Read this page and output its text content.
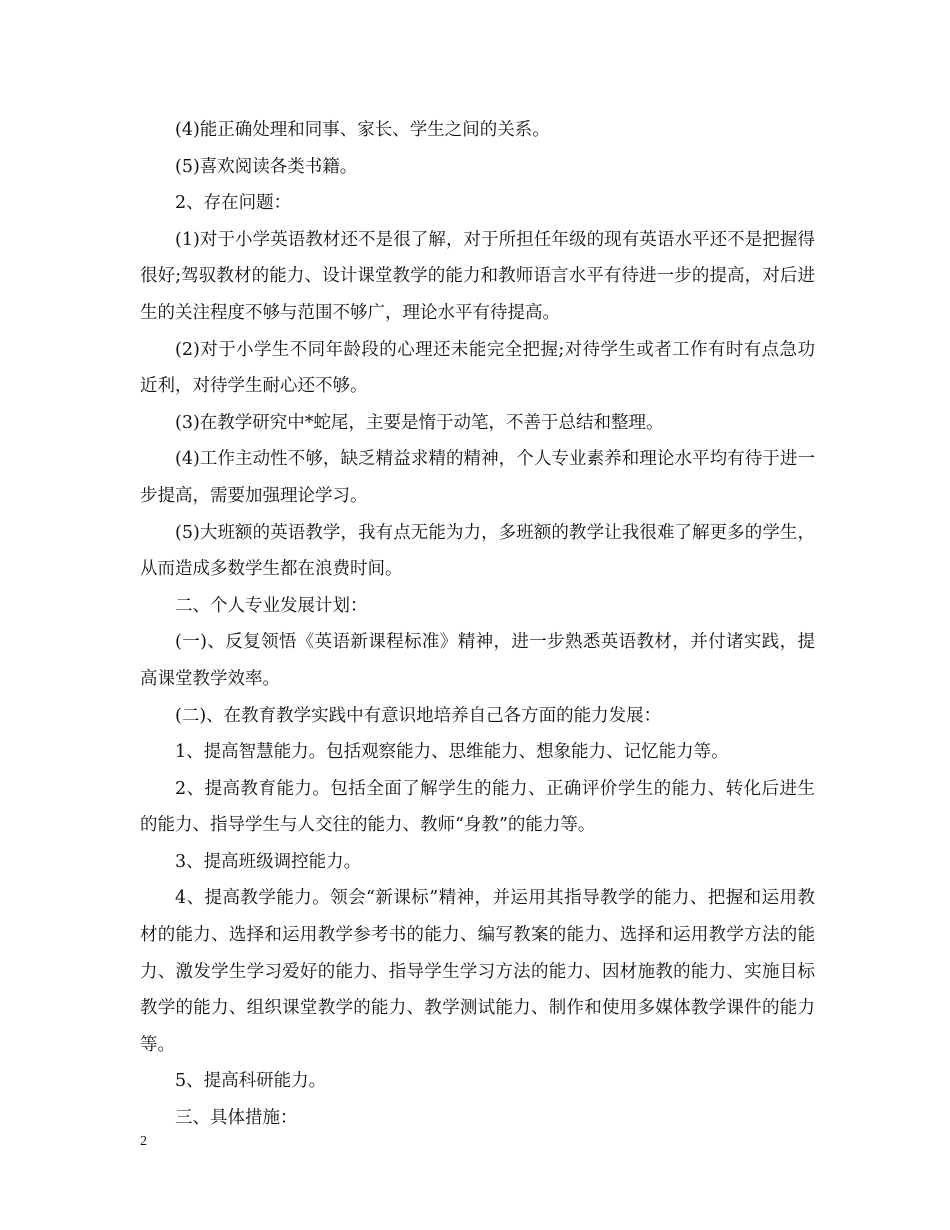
(4)能正确处理和同事、家长、学生之间的关系。

(5)喜欢阅读各类书籍。

2、存在问题：

(1)对于小学英语教材还不是很了解，对于所担任年级的现有英语水平还不是把握得很好;驾驭教材的能力、设计课堂教学的能力和教师语言水平有待进一步的提高，对后进生的关注程度不够与范围不够广，理论水平有待提高。

(2)对于小学生不同年龄段的心理还未能完全把握;对待学生或者工作有时有点急功近利，对待学生耐心还不够。

(3)在教学研究中*蛇尾，主要是惰于动笔，不善于总结和整理。

(4)工作主动性不够，缺乏精益求精的精神，个人专业素养和理论水平均有待于进一步提高，需要加强理论学习。

(5)大班额的英语教学，我有点无能为力，多班额的教学让我很难了解更多的学生，从而造成多数学生都在浪费时间。

二、个人专业发展计划：

(一)、反复领悟《英语新课程标准》精神，进一步熟悉英语教材，并付诸实践，提高课堂教学效率。

(二)、在教育教学实践中有意识地培养自己各方面的能力发展：

1、提高智慧能力。包括观察能力、思维能力、想象能力、记忆能力等。

2、提高教育能力。包括全面了解学生的能力、正确评价学生的能力、转化后进生的能力、指导学生与人交往的能力、教师“身教”的能力等。

3、提高班级调控能力。

4、提高教学能力。领会“新课标”精神，并运用其指导教学的能力、把握和运用教材的能力、选择和运用教学参考书的能力、编写教案的能力、选择和运用教学方法的能力、激发学生学习爱好的能力、指导学生学习方法的能力、因材施教的能力、实施目标教学的能力、组织课堂教学的能力、教学测试能力、制作和使用多媒体教学课件的能力等。

5、提高科研能力。

三、具体措施：

2
